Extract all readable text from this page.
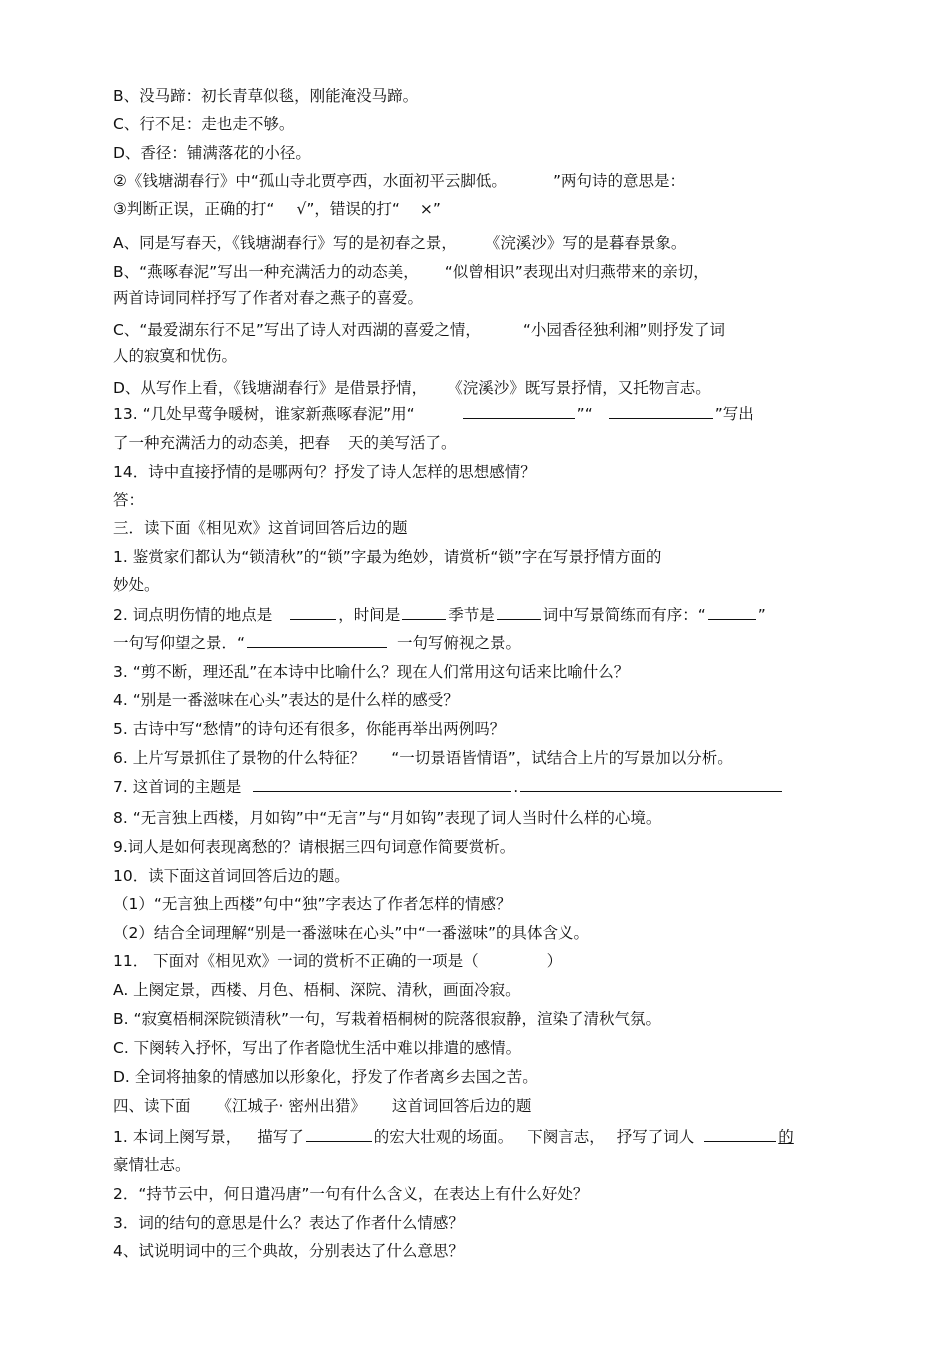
B、没马蹄：初长青草似毯，刚能淹没马蹄。
C、行不足：走也走不够。
D、香径：铺满落花的小径。
②《钱塘湖春行》中“孤山寺北贾亭西，水面初平云脚低。	”两句诗的意思是：
③判断正误，正确的打“ √”，错误的打“ ×”
A、同是写春天，《钱塘湖春行》写的是初春之景， 《浣溪沙》写的是暮春景象。
B、“燕啄春泥”写出一种充满活力的动态美， “似曾相识”表现出对归燕带来的亲切，
两首诗词同样抒写了作者对春之燕子的喜爱。
C、“最爱湖东行不足”写出了诗人对西湖的喜爱之情，	“小园香径独利湘”则抒发了词
人的寂寞和忧伤。
D、从写作上看，《钱塘湖春行》是借景抒情， 《浣溪沙》既写景抒情，又托物言志。
13. “几处早莺争暖树，谁家新燕啄春泥”用“	”“	”写出
了一种充满活力的动态美，把春 天的美写活了。
14．诗中直接抒情的是哪两句？抒发了诗人怎样的思想感情？
答：
三．读下面《相见欢》这首词回答后边的题
1. 鉴赏家们都认为“锁清秋”的“锁”字最为绝妙，请赏析“锁”字在写景抒情方面的
妙处。
2. 词点明伤情的地点是	，时间是	季节是	词中写景简练而有序：“	”
一句写仰望之景．“	一句写俯视之景。
3. “剪不断，理还乱”在本诗中比喻什么？现在人们常用这句话来比喻什么？
4. “别是一番滋味在心头”表达的是什么样的感受？
5. 古诗中写“愁情”的诗句还有很多，你能再举出两例吗？
6. 上片写景抓住了景物的什么特征？ “一切景语皆情语”，试结合上片的写景加以分析。
7. 这首词的主题是	.
8. “无言独上西楼，月如钩”中“无言”与“月如钩”表现了词人当时什么样的心境。
9.词人是如何表现离愁的？请根据三四句词意作简要赏析。
10．读下面这首词回答后边的题。
（1）“无言独上西楼”句中“独”字表达了作者怎样的情感？
（2）结合全词理解“别是一番滋味在心头”中“一番滋味”的具体含义。
11． 下面对《相见欢》一词的赏析不正确的一项是（	）
A. 上阕定景，西楼、月色、梧桐、深院、清秋，画面冷寂。
B. “寂寞梧桐深院锁清秋”一句，写栽着梧桐树的院落很寂静，渲染了清秋气氛。
C. 下阕转入抒怀，写出了作者隐忧生活中难以排遣的感情。
D. 全词将抽象的情感加以形象化，抒发了作者离乡去国之苦。
四、读下面 《江城子· 密州出猎》 这首词回答后边的题
1. 本词上阕写景， 描写了	的宏大壮观的场面。 下阕言志， 抒写了词人	的
豪情壮志。
2．“持节云中，何日遣冯唐”一句有什么含义，在表达上有什么好处？
3．词的结句的意思是什么？表达了作者什么情感？
4、试说明词中的三个典故，分别表达了什么意思？
